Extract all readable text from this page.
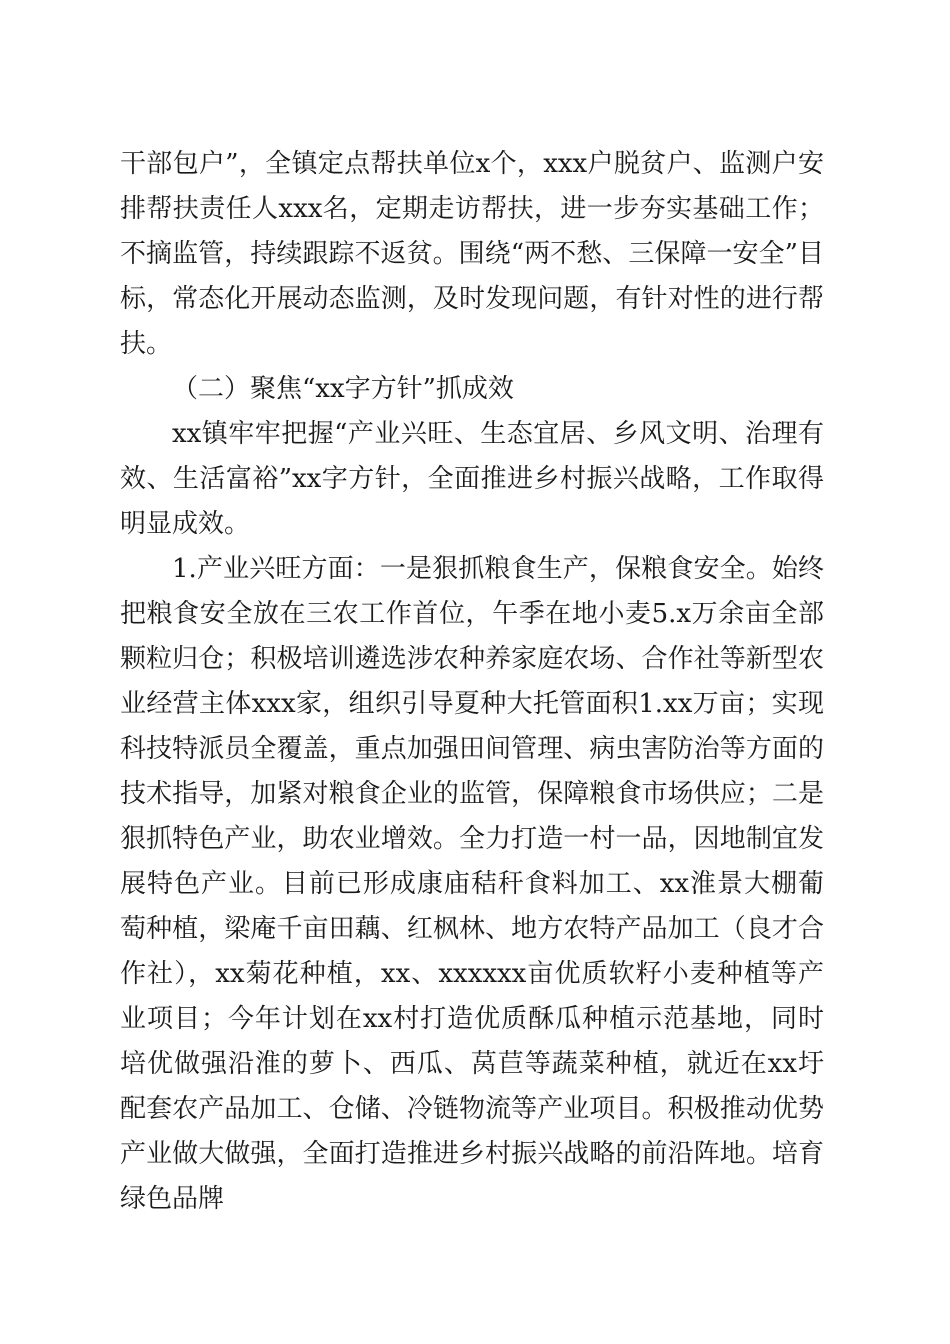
干部包户”，全镇定点帮扶单位x个，xxx户脱贫户、监测户安排帮扶责任人xxx名，定期走访帮扶，进一步夯实基础工作；不摘监管，持续跟踪不返贫。围绕“两不愁、三保障一安全”目标，常态化开展动态监测，及时发现问题，有针对性的进行帮扶。

（二）聚焦“xx字方针”抓成效

xx镇牢牢把握“产业兴旺、生态宜居、乡风文明、治理有效、生活富裕”xx字方针，全面推进乡村振兴战略，工作取得明显成效。

1.产业兴旺方面：一是狠抓粮食生产，保粮食安全。始终把粮食安全放在三农工作首位，午季在地小麦5.x万余亩全部颗粒归仓；积极培训遴选涉农种养家庭农场、合作社等新型农业经营主体xxx家，组织引导夏种大托管面积1.xx万亩；实现科技特派员全覆盖，重点加强田间管理、病虫害防治等方面的技术指导，加紧对粮食企业的监管，保障粮食市场供应；二是狠抓特色产业，助农业增效。全力打造一村一品，因地制宜发展特色产业。目前已形成康庙秸秆食料加工、xx淮景大棚葡萄种植，梁庵千亩田藕、红枫林、地方农特产品加工（良才合作社），xx菊花种植，xx、xxxxxx亩优质软籽小麦种植等产业项目；今年计划在xx村打造优质酥瓜种植示范基地，同时培优做强沿淮的萝卜、西瓜、莴苣等蔬菜种植，就近在xx圩配套农产品加工、仓储、冷链物流等产业项目。积极推动优势产业做大做强，全面打造推进乡村振兴战略的前沿阵地。培育绿色品牌
